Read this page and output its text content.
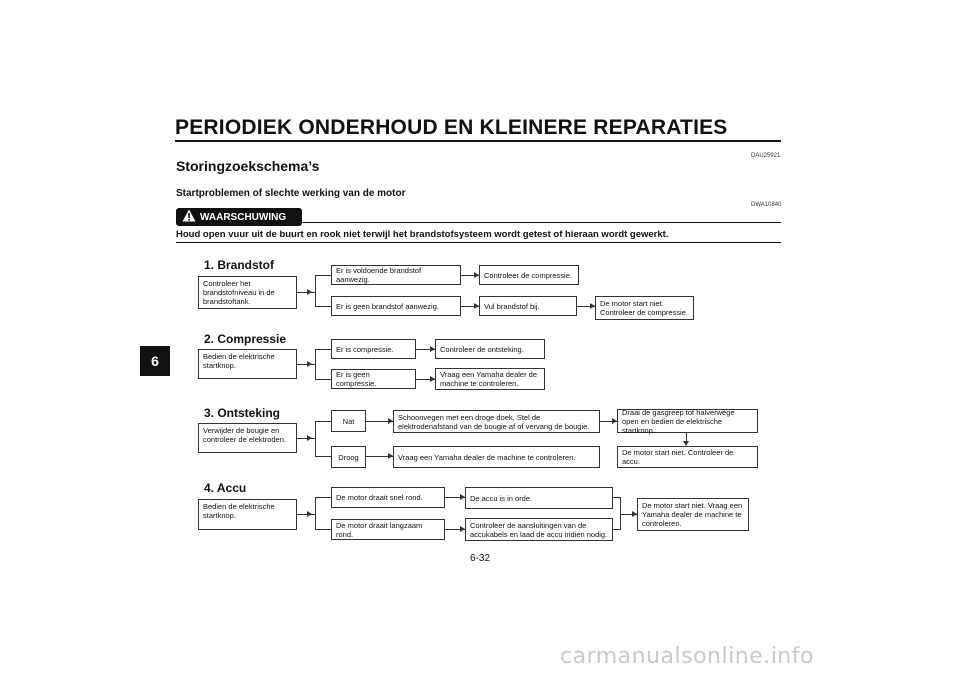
PERIODIEK ONDERHOUD EN KLEINERE REPARATIES
DAU25921
Storingzoekschema’s
Startproblemen of slechte werking van de motor
DWA10840
WAARSCHUWING
Houd open vuur uit de buurt en rook niet terwijl het brandstofsysteem wordt getest of hieraan wordt gewerkt.
6
1. Brandstof
Controleer het brandstofniveau in de brandstoftank.
Er is voldoende brandstof aanwezig.
Er is geen brandstof aanwezig.
Controleer de compressie.
Vul brandstof bij.	De motor start niet. Controleer de compressie.
2. Compressie
Bedien de elektrische startknop.
Er is compressie.
Er is geen compressie.
Controleer de ontsteking.
Vraag een Yamaha dealer de machine te controleren.
3. Ontsteking
Verwijder de bougie en controleer de elektroden.
Nat
Droog
Schoonvegen met een droge doek. Stel de elektrodenafstand van de bougie af of vervang de bougie.
Draai de gasgreep tot halverwege open en bedien de elektrische startknop.
Vraag een Yamaha dealer de machine te controleren.	De motor start niet. Controleer de accu.
4. Accu
Bedien de elektrische startknop.
De motor draait snel rond.
De motor draait langzaam rond.
De accu is in orde.
Controleer de aansluitingen van de accukabels en laad de accu indien nodig.
De motor start niet. Vraag een Yamaha dealer de machine te controleren.
6-32
carmanualsonline.info
